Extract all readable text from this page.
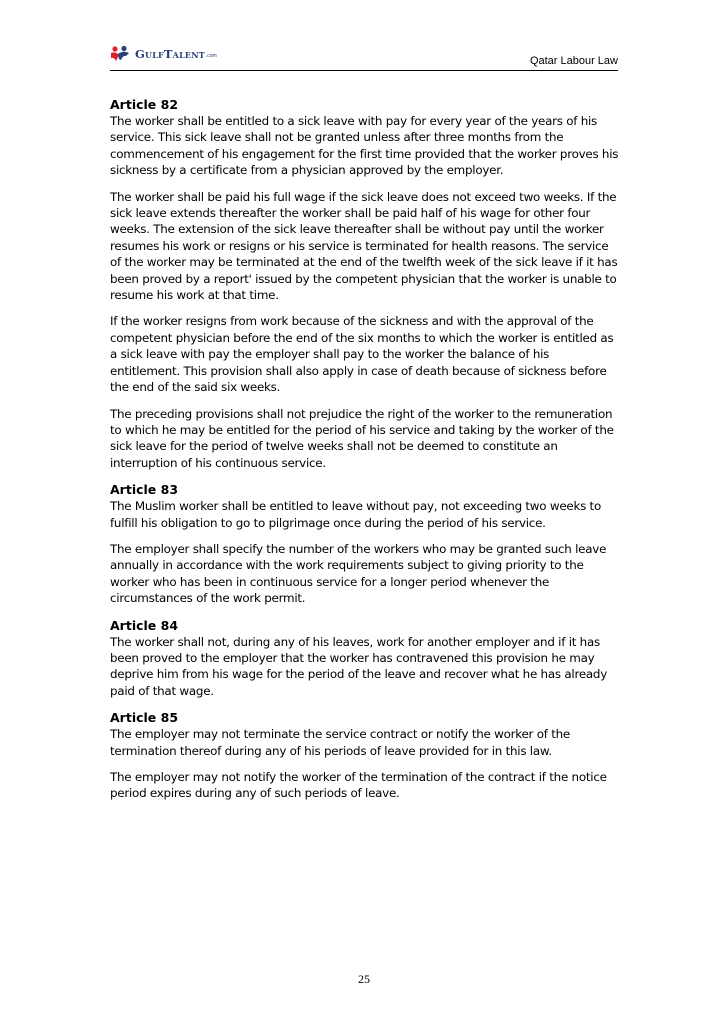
GulfTalent .com	Qatar Labour Law
Article 82

The worker shall be entitled to a sick leave with pay for every year of the years of his service. This sick leave shall not be granted unless after three months from the commencement of his engagement for the first time provided that the worker proves his sickness by a certificate from a physician approved by the employer.

The worker shall be paid his full wage if the sick leave does not exceed two weeks. If the sick leave extends thereafter the worker shall be paid half of his wage for other four weeks. The extension of the sick leave thereafter shall be without pay until the worker resumes his work or resigns or his service is terminated for health reasons. The service of the worker may be terminated at the end of the twelfth week of the sick leave if it has been proved by a report' issued by the competent physician that the worker is unable to resume his work at that time.

If the worker resigns from work because of the sickness and with the approval of the competent physician before the end of the six months to which the worker is entitled as a sick leave with pay the employer shall pay to the worker the balance of his entitlement. This provision shall also apply in case of death because of sickness before the end of the said six weeks.

The preceding provisions shall not prejudice the right of the worker to the remuneration to which he may be entitled for the period of his service and taking by the worker of the sick leave for the period of twelve weeks shall not be deemed to constitute an interruption of his continuous service.

Article 83

The Muslim worker shall be entitled to leave without pay, not exceeding two weeks to fulfill his obligation to go to pilgrimage once during the period of his service.

The employer shall specify the number of the workers who may be granted such leave annually in accordance with the work requirements subject to giving priority to the worker who has been in continuous service for a longer period whenever the circumstances of the work permit.

Article 84

The worker shall not, during any of his leaves, work for another employer and if it has been proved to the employer that the worker has contravened this provision he may deprive him from his wage for the period of the leave and recover what he has already paid of that wage.

Article 85

The employer may not terminate the service contract or notify the worker of the termination thereof during any of his periods of leave provided for in this law.

The employer may not notify the worker of the termination of the contract if the notice period expires during any of such periods of leave.

25
